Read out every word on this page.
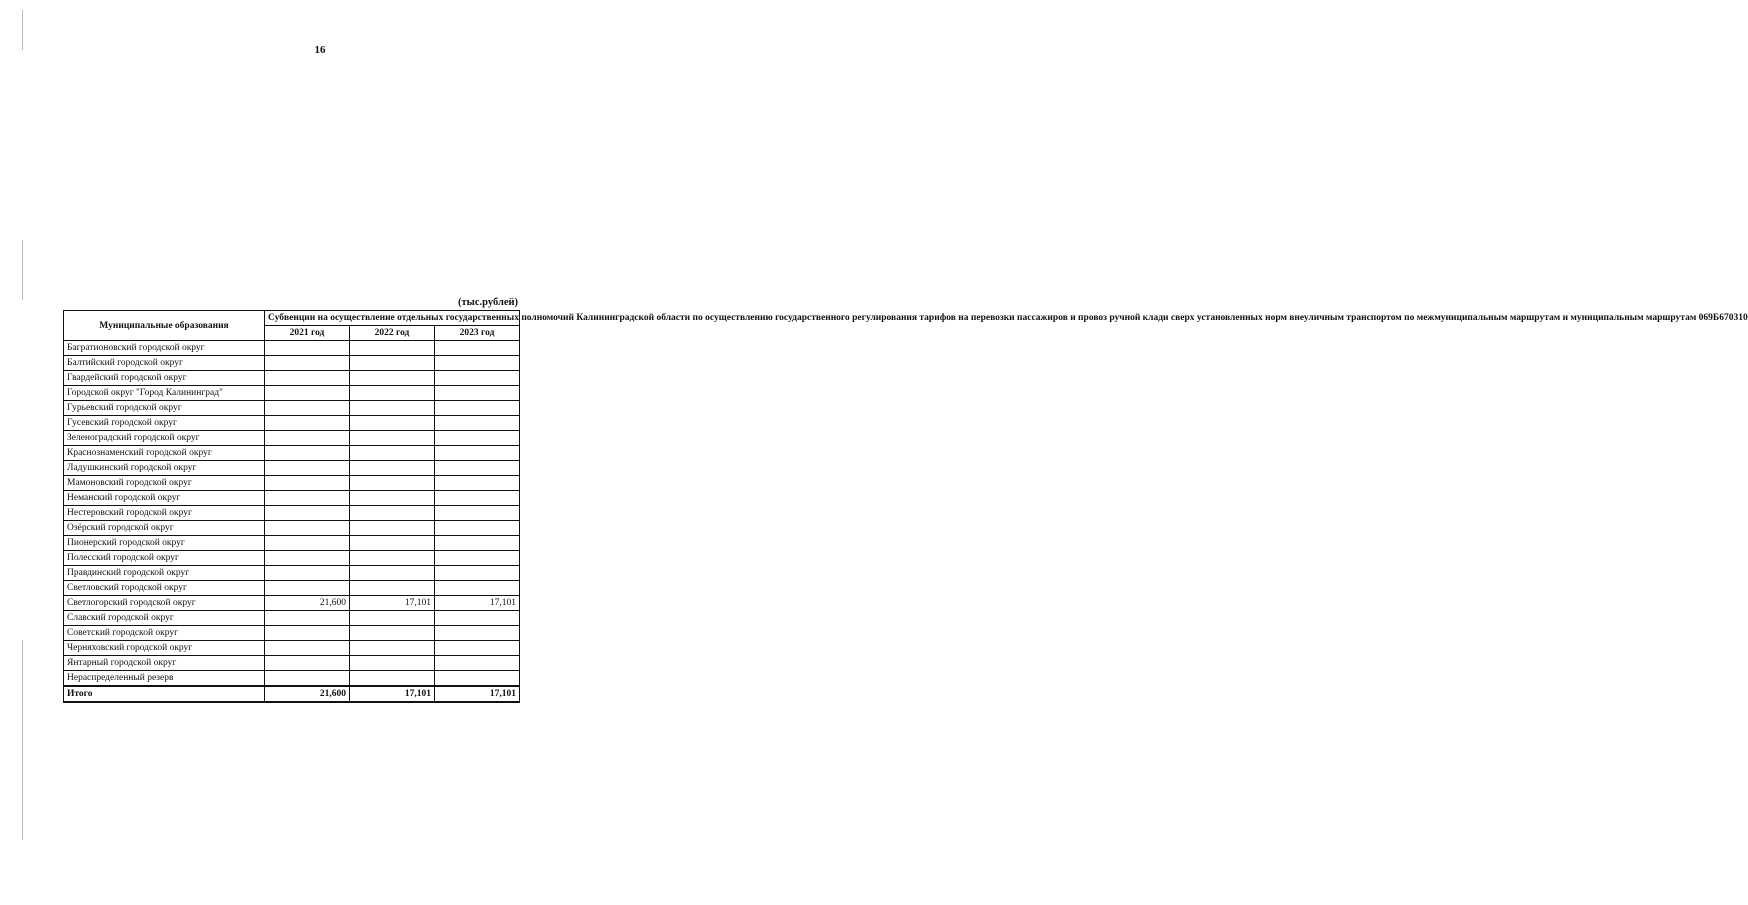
16
(тыс.рублей)
Муниципальные образования	Субвенции на осуществление отдельных государственных полномочий Калининградской области по осуществлению государственного регулирования тарифов на перевозки пассажиров и провоз ручной клади сверх установленных норм внеуличным транспортом по межмуниципальным маршрутам и муниципальным маршрутам 069Б670310		
	2021 год	2022 год	2023 год
Багратионовский городской округ			
Балтийский городской округ			
Гвардейский городской округ			
Городской округ "Город Калининград"			
Гурьевский городской округ			
Гусевский городской округ			
Зеленоградский городской округ			
Краснознаменский городской округ			
Ладушкинский городской округ			
Мамоновский городской округ			
Неманский городской округ			
Нестеровский городской округ			
Озёрский городской округ			
Пионерский городской округ			
Полесский городской округ			
Правдинский городской округ			
Светловский городской округ			
Светлогорский городской округ	21,600	17,101	17,101
Славский городской округ			
Советский городской округ			
Черняховский городской округ			
Янтарный городской округ			
Нераспределенный резерв			
Итого	21,600	17,101	17,101
